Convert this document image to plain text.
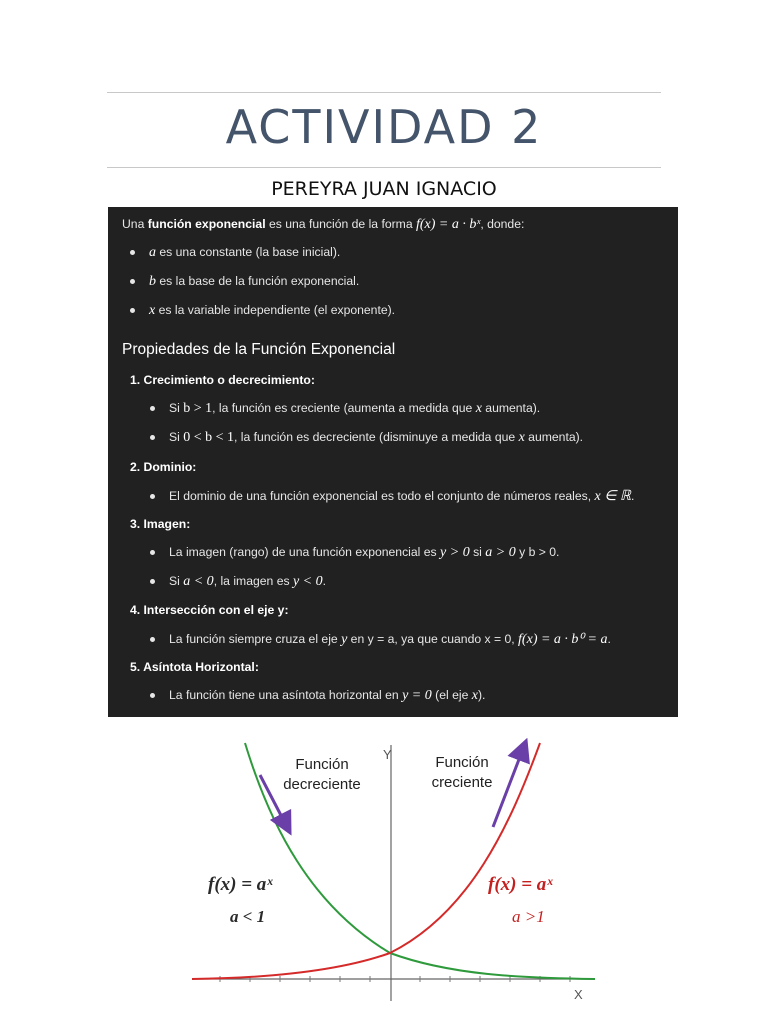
ACTIVIDAD 2
PEREYRA JUAN IGNACIO
Una función exponencial es una función de la forma f(x) = a · bˣ, donde:
a es una constante (la base inicial).
b es la base de la función exponencial.
x es la variable independiente (el exponente).
Propiedades de la Función Exponencial
1. Crecimiento o decrecimiento:
Si b > 1, la función es creciente (aumenta a medida que x aumenta).
Si 0 < b < 1, la función es decreciente (disminuye a medida que x aumenta).
2. Dominio:
El dominio de una función exponencial es todo el conjunto de números reales, x ∈ ℝ.
3. Imagen:
La imagen (rango) de una función exponencial es y > 0 si a > 0 y b > 0.
Si a < 0, la imagen es y < 0.
4. Intersección con el eje y:
La función siempre cruza el eje y en y = a, ya que cuando x = 0, f(x) = a · b⁰ = a.
5. Asíntota Horizontal:
La función tiene una asíntota horizontal en y = 0 (el eje x).
Función
decreciente
Función
creciente
Y
X
f(x) = aˣ
a < 1
f(x) = aˣ
a >1
